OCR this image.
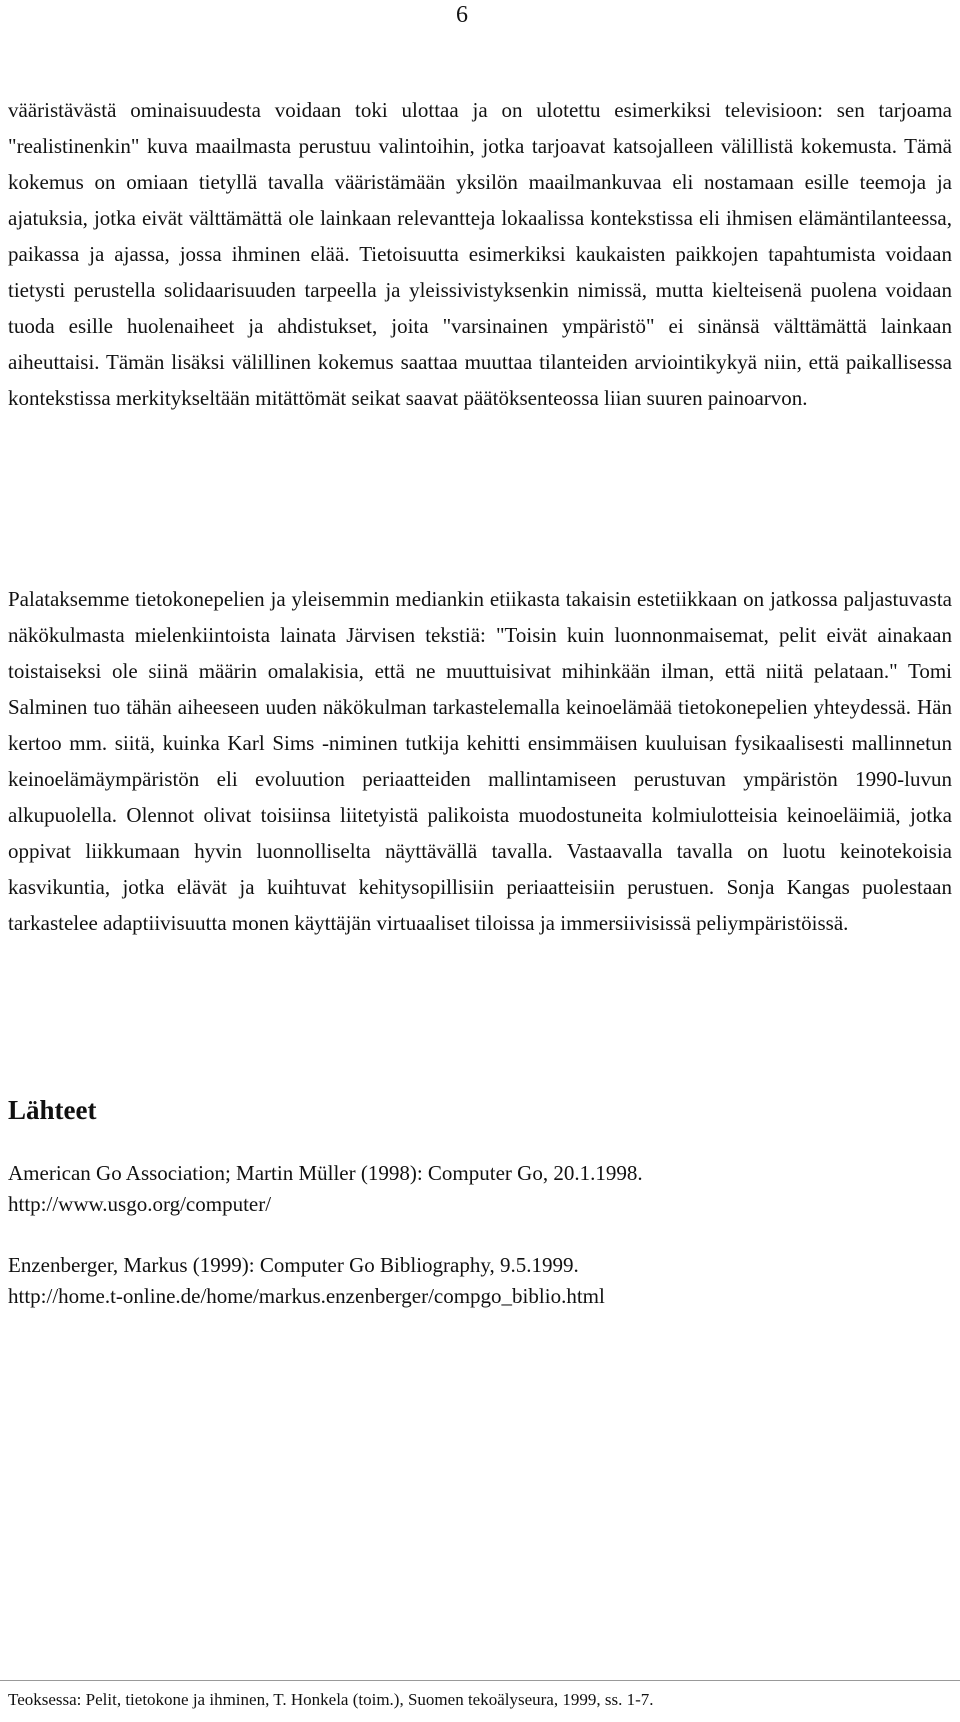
6

vääristävästä ominaisuudesta voidaan toki ulottaa ja on ulotettu esimerkiksi televisioon: sen tarjoama "realistinenkin" kuva maailmasta perustuu valintoihin, jotka tarjoavat katsojalleen välillistä kokemusta. Tämä kokemus on omiaan tietyllä tavalla vääristämään yksilön maailmankuvaa eli nostamaan esille teemoja ja ajatuksia, jotka eivät välttämättä ole lainkaan relevantteja lokaalissa kontekstissa eli ihmisen elämäntilanteessa, paikassa ja ajassa, jossa ihminen elää. Tietoisuutta esimerkiksi kaukaisten paikkojen tapahtumista voidaan tietysti perustella solidaarisuuden tarpeella ja yleissivistyksenkin nimissä, mutta kielteisenä puolena voidaan tuoda esille huolenaiheet ja ahdistukset, joita "varsinainen ympäristö" ei sinänsä välttämättä lainkaan aiheuttaisi. Tämän lisäksi välillinen kokemus saattaa muuttaa tilanteiden arviointikykyä niin, että paikallisessa kontekstissa merkitykseltään mitättömät seikat saavat päätöksenteossa liian suuren painoarvon.

Palataksemme tietokonepelien ja yleisemmin mediankin etiikasta takaisin estetiikkaan on jatkossa paljastuvasta näkökulmasta mielenkiintoista lainata Järvisen tekstiä: "Toisin kuin luonnonmaisemat, pelit eivät ainakaan toistaiseksi ole siinä määrin omalakisia, että ne muuttuisivat mihinkään ilman, että niitä pelataan." Tomi Salminen tuo tähän aiheeseen uuden näkökulman tarkastelemalla keinoelämää tietokonepelien yhteydessä. Hän kertoo mm. siitä, kuinka Karl Sims -niminen tutkija kehitti ensimmäisen kuuluisan fysikaalisesti mallinnetun keinoelämäympäristön eli evoluution periaatteiden mallintamiseen perustuvan ympäristön 1990-luvun alkupuolella. Olennot olivat toisiinsa liitetyistä palikoista muodostuneita kolmiulotteisia keinoeläimiä, jotka oppivat liikkumaan hyvin luonnolliselta näyttävällä tavalla. Vastaavalla tavalla on luotu keinotekoisia kasvikuntia, jotka elävät ja kuihtuvat kehitysopillisiin periaatteisiin perustuen. Sonja Kangas puolestaan tarkastelee adaptiivisuutta monen käyttäjän virtuaaliset tiloissa ja immersiivisissä peliympäristöissä.

Lähteet

American Go Association; Martin Müller (1998): Computer Go, 20.1.1998.
http://www.usgo.org/computer/

Enzenberger, Markus (1999): Computer Go Bibliography, 9.5.1999.
http://home.t-online.de/home/markus.enzenberger/compgo_biblio.html

Teoksessa: Pelit, tietokone ja ihminen, T. Honkela (toim.), Suomen tekoälyseura, 1999, ss. 1-7.
